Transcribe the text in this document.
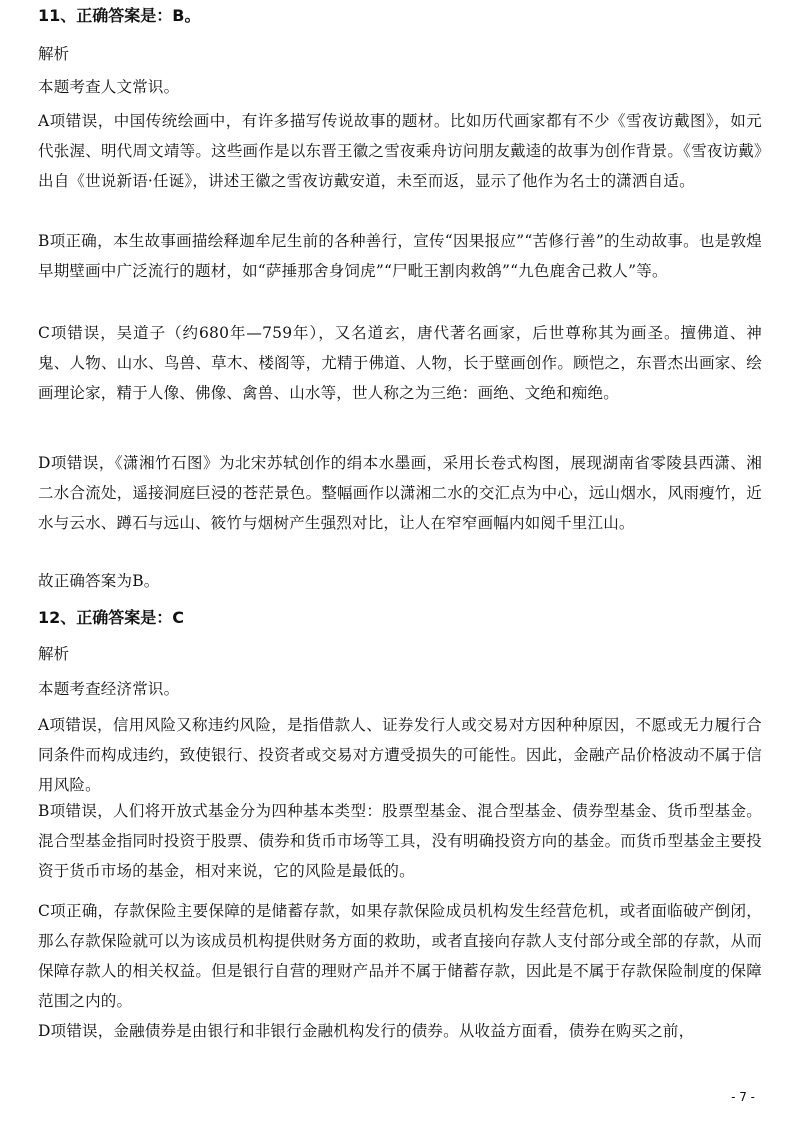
11、正确答案是：B。
解析
本题考查人文常识。
A项错误，中国传统绘画中，有许多描写传说故事的题材。比如历代画家都有不少《雪夜访戴图》，如元代张渥、明代周文靖等。这些画作是以东晋王徽之雪夜乘舟访问朋友戴逵的故事为创作背景。《雪夜访戴》出自《世说新语·任诞》，讲述王徽之雪夜访戴安道，未至而返，显示了他作为名士的潇洒自适。
B项正确，本生故事画描绘释迦牟尼生前的各种善行，宣传“因果报应”“苦修行善”的生动故事。也是敦煌早期壁画中广泛流行的题材，如“萨捶那舍身饲虎”“尸毗王割肉救鸽”“九色鹿舍己救人”等。
C项错误，吴道子（约680年—759年），又名道玄，唐代著名画家，后世尊称其为画圣。擅佛道、神鬼、人物、山水、鸟兽、草木、楼阁等，尤精于佛道、人物，长于壁画创作。顾恺之，东晋杰出画家、绘画理论家，精于人像、佛像、禽兽、山水等，世人称之为三绝：画绝、文绝和痴绝。
D项错误，《潇湘竹石图》为北宋苏轼创作的绢本水墨画，采用长卷式构图，展现湖南省零陵县西潇、湘二水合流处，遥接洞庭巨浸的苍茫景色。整幅画作以潇湘二水的交汇点为中心，远山烟水，风雨瘦竹，近水与云水、蹲石与远山、筱竹与烟树产生强烈对比，让人在窄窄画幅内如阅千里江山。
故正确答案为B。
12、正确答案是：C
解析
本题考查经济常识。
A项错误，信用风险又称违约风险，是指借款人、证券发行人或交易对方因种种原因，不愿或无力履行合同条件而构成违约，致使银行、投资者或交易对方遭受损失的可能性。因此，金融产品价格波动不属于信用风险。
B项错误，人们将开放式基金分为四种基本类型：股票型基金、混合型基金、债券型基金、货币型基金。混合型基金指同时投资于股票、债券和货币市场等工具，没有明确投资方向的基金。而货币型基金主要投资于货币市场的基金，相对来说，它的风险是最低的。
C项正确，存款保险主要保障的是储蓄存款，如果存款保险成员机构发生经营危机，或者面临破产倒闭，那么存款保险就可以为该成员机构提供财务方面的救助，或者直接向存款人支付部分或全部的存款，从而保障存款人的相关权益。但是银行自营的理财产品并不属于储蓄存款，因此是不属于存款保险制度的保障范围之内的。
D项错误，金融债券是由银行和非银行金融机构发行的债券。从收益方面看，债券在购买之前，
- 7 -
